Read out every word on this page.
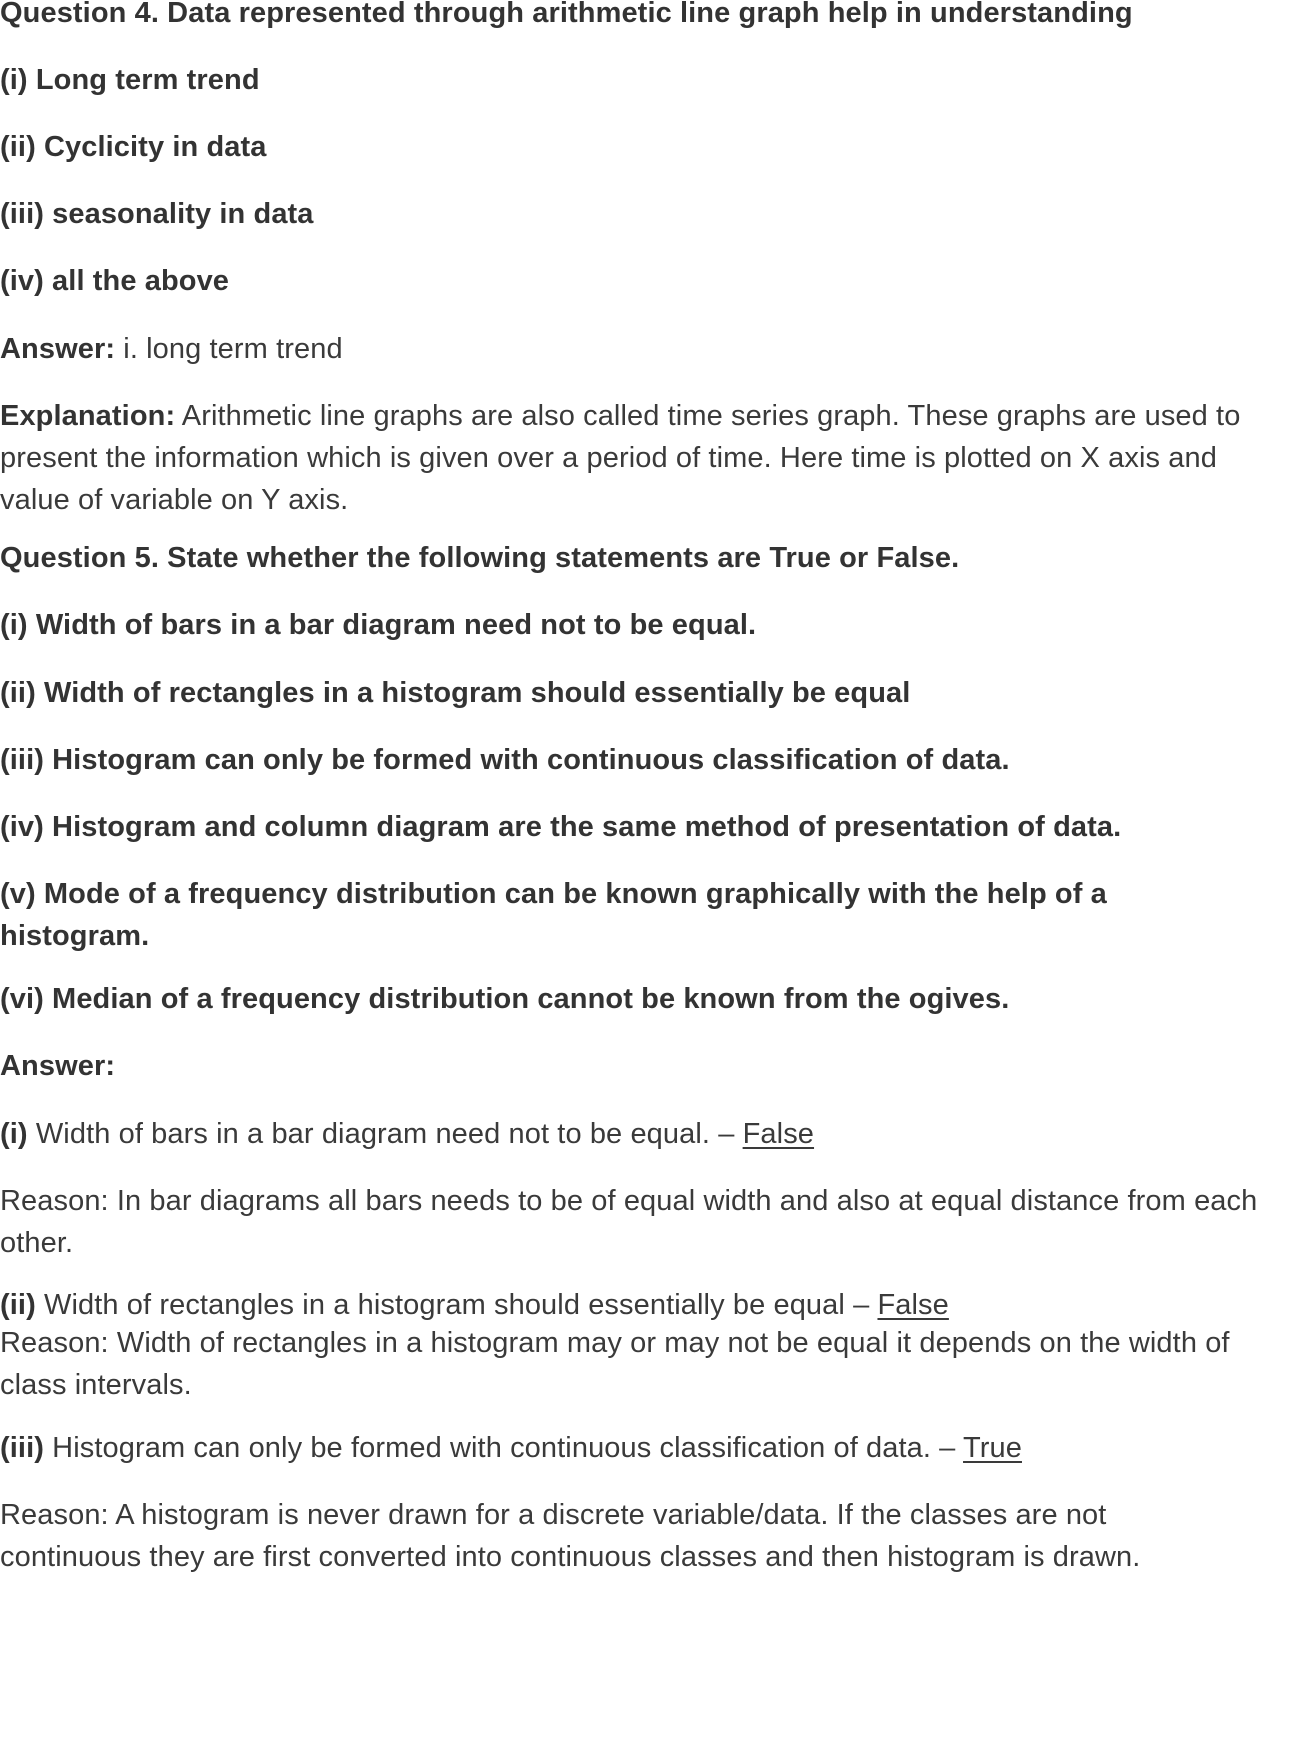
Question 4. Data represented through arithmetic line graph help in understanding
(i) Long term trend
(ii) Cyclicity in data
(iii) seasonality in data
(iv) all the above
Answer: i. long term trend
Explanation: Arithmetic line graphs are also called time series graph. These graphs are used to present the information which is given over a period of time. Here time is plotted on X axis and value of variable on Y axis.
Question 5. State whether the following statements are True or False.
(i) Width of bars in a bar diagram need not to be equal.
(ii) Width of rectangles in a histogram should essentially be equal
(iii) Histogram can only be formed with continuous classification of data.
(iv) Histogram and column diagram are the same method of presentation of data.
(v) Mode of a frequency distribution can be known graphically with the help of a histogram.
(vi) Median of a frequency distribution cannot be known from the ogives.
Answer:
(i) Width of bars in a bar diagram need not to be equal. – False
Reason: In bar diagrams all bars needs to be of equal width and also at equal distance from each other.
(ii) Width of rectangles in a histogram should essentially be equal – False
Reason: Width of rectangles in a histogram may or may not be equal it depends on the width of class intervals.
(iii) Histogram can only be formed with continuous classification of data. – True
Reason: A histogram is never drawn for a discrete variable/data. If the classes are not continuous they are first converted into continuous classes and then histogram is drawn.
